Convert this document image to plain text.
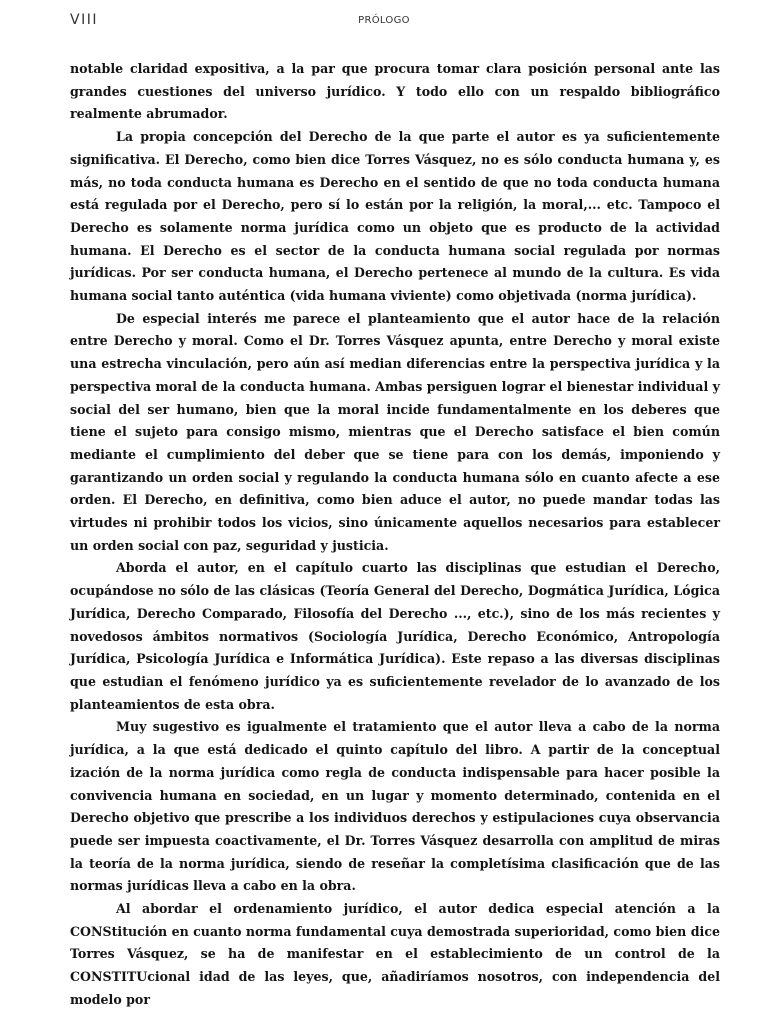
VIII	PRÓLOGO

notable claridad expositiva, a la par que procura tomar clara posición personal ante las grandes cuestiones del universo jurídico. Y todo ello con un respaldo bibliográfico realmente abrumador.

La propia concepción del Derecho de la que parte el autor es ya suficientemente significativa. El Derecho, como bien dice Torres Vásquez, no es sólo conducta humana y, es más, no toda conducta humana es Derecho en el sentido de que no toda conducta humana está regulada por el Derecho, pero sí lo están por la religión, la moral,... etc. Tampoco el Derecho es solamente norma jurídica como un objeto que es producto de la actividad humana. El Derecho es el sector de la conducta humana social regulada por normas jurídicas. Por ser conducta humana, el Derecho pertenece al mundo de la cultura. Es vida humana social tanto auténtica (vida humana viviente) como objetivada (norma jurídica).

De especial interés me parece el planteamiento que el autor hace de la relación entre Derecho y moral. Como el Dr. Torres Vásquez apunta, entre Derecho y moral existe una estrecha vinculación, pero aún así median diferencias entre la perspectiva jurídica y la perspectiva moral de la conducta humana. Ambas persiguen lograr el bienestar individual y social del ser humano, bien que la moral incide fundamentalmente en los deberes que tiene el sujeto para consigo mismo, mientras que el Derecho satisface el bien común mediante el cumplimiento del deber que se tiene para con los demás, imponiendo y garantizando un orden social y regulando la conducta humana sólo en cuanto afecte a ese orden. El Derecho, en definitiva, como bien aduce el autor, no puede mandar todas las virtudes ni prohibir todos los vicios, sino únicamente aquellos necesarios para establecer un orden social con paz, seguridad y justicia.

Aborda el autor, en el capítulo cuarto las disciplinas que estudian el Derecho, ocupándose no sólo de las clásicas (Teoría General del Derecho, Dogmática Jurídica, Lógica Jurídica, Derecho Comparado, Filosofía del Derecho ..., etc.), sino de los más recientes y novedosos ámbitos normativos (Sociología Jurídica, Derecho Económico, Antropología Jurídica, Psicología Jurídica e Informática Jurídica). Este repaso a las diversas disciplinas que estudian el fenómeno jurídico ya es suficientemente revelador de lo avanzado de los planteamientos de esta obra.

Muy sugestivo es igualmente el tratamiento que el autor lleva a cabo de la norma jurídica, a la que está dedicado el quinto capítulo del libro. A partir de la conceptual ización de la norma jurídica como regla de conducta indispensable para hacer posible la convivencia humana en sociedad, en un lugar y momento determinado, contenida en el Derecho objetivo que prescribe a los individuos derechos y estipulaciones cuya observancia puede ser impuesta coactivamente, el Dr. Torres Vásquez desarrolla con amplitud de miras la teoría de la norma jurídica, siendo de reseñar la completísima clasificación que de las normas jurídicas lleva a cabo en la obra.

Al abordar el ordenamiento jurídico, el autor dedica especial atención a la CONStitución en cuanto norma fundamental cuya demostrada superioridad, como bien dice Torres Vásquez, se ha de manifestar en el establecimiento de un control de la CONSTITUcional idad de las leyes, que, añadiríamos nosotros, con independencia del modelo por
